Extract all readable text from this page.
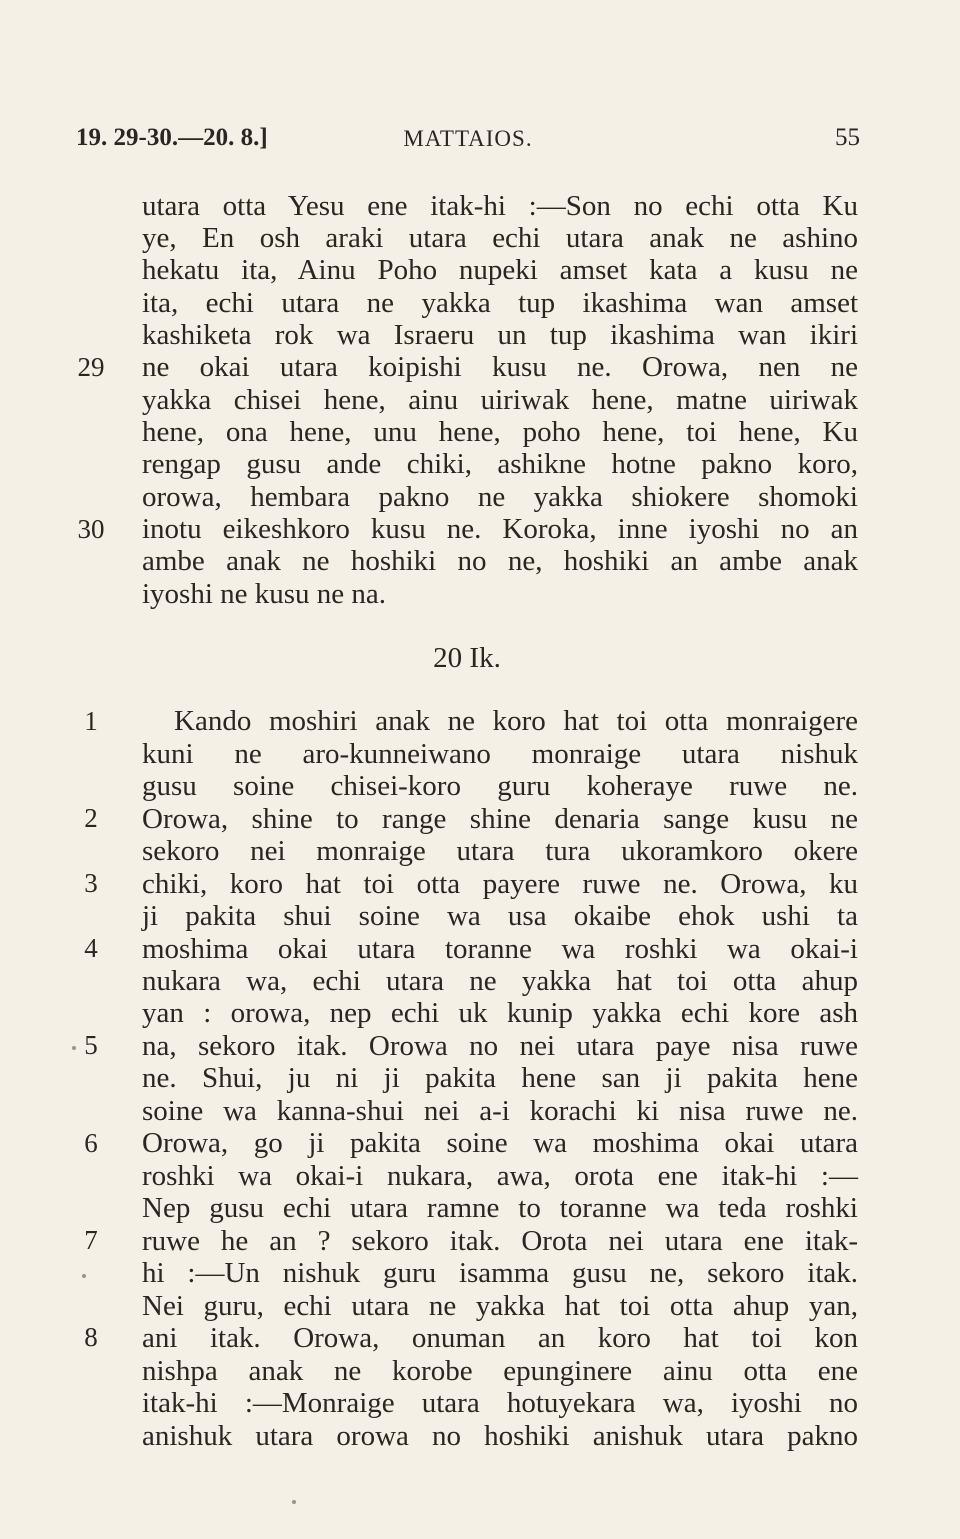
19. 29-30.—20. 8.]	MATTAIOS.	55
29
30
1
2
3
4
5
6
7
8
utara otta Yesu ene itak-hi :—Son no echi otta Ku
ye, En osh araki utara echi utara anak ne ashino
hekatu ita, Ainu Poho nupeki amset kata a kusu ne
ita, echi utara ne yakka tup ikashima wan amset
kashiketa rok wa Israeru un tup ikashima wan ikiri
ne okai utara koipishi kusu ne. Orowa, nen ne
yakka chisei hene, ainu uiriwak hene, matne uiriwak
hene, ona hene, unu hene, poho hene, toi hene, Ku
rengap gusu ande chiki, ashikne hotne pakno koro,
orowa, hembara pakno ne yakka shiokere shomoki
inotu eikeshkoro kusu ne. Koroka, inne iyoshi no an
ambe anak ne hoshiki no ne, hoshiki an ambe anak
iyoshi ne kusu ne na.
20 Ik.
Kando moshiri anak ne koro hat toi otta monraigere
kuni ne aro-kunneiwano monraige utara nishuk
gusu soine chisei-koro guru koheraye ruwe ne.
Orowa, shine to range shine denaria sange kusu ne
sekoro nei monraige utara tura ukoramkoro okere
chiki, koro hat toi otta payere ruwe ne. Orowa, ku
ji pakita shui soine wa usa okaibe ehok ushi ta
moshima okai utara toranne wa roshki wa okai-i
nukara wa, echi utara ne yakka hat toi otta ahup
yan : orowa, nep echi uk kunip yakka echi kore ash
na, sekoro itak. Orowa no nei utara paye nisa ruwe
ne. Shui, ju ni ji pakita hene san ji pakita hene
soine wa kanna-shui nei a-i korachi ki nisa ruwe ne.
Orowa, go ji pakita soine wa moshima okai utara
roshki wa okai-i nukara, awa, orota ene itak-hi :—
Nep gusu echi utara ramne to toranne wa teda roshki
ruwe he an ? sekoro itak. Orota nei utara ene itak-
hi :—Un nishuk guru isamma gusu ne, sekoro itak.
Nei guru, echi utara ne yakka hat toi otta ahup yan,
ani itak. Orowa, onuman an koro hat toi kon
nishpa anak ne korobe epunginere ainu otta ene
itak-hi :—Monraige utara hotuyekara wa, iyoshi no
anishuk utara orowa no hoshiki anishuk utara pakno
